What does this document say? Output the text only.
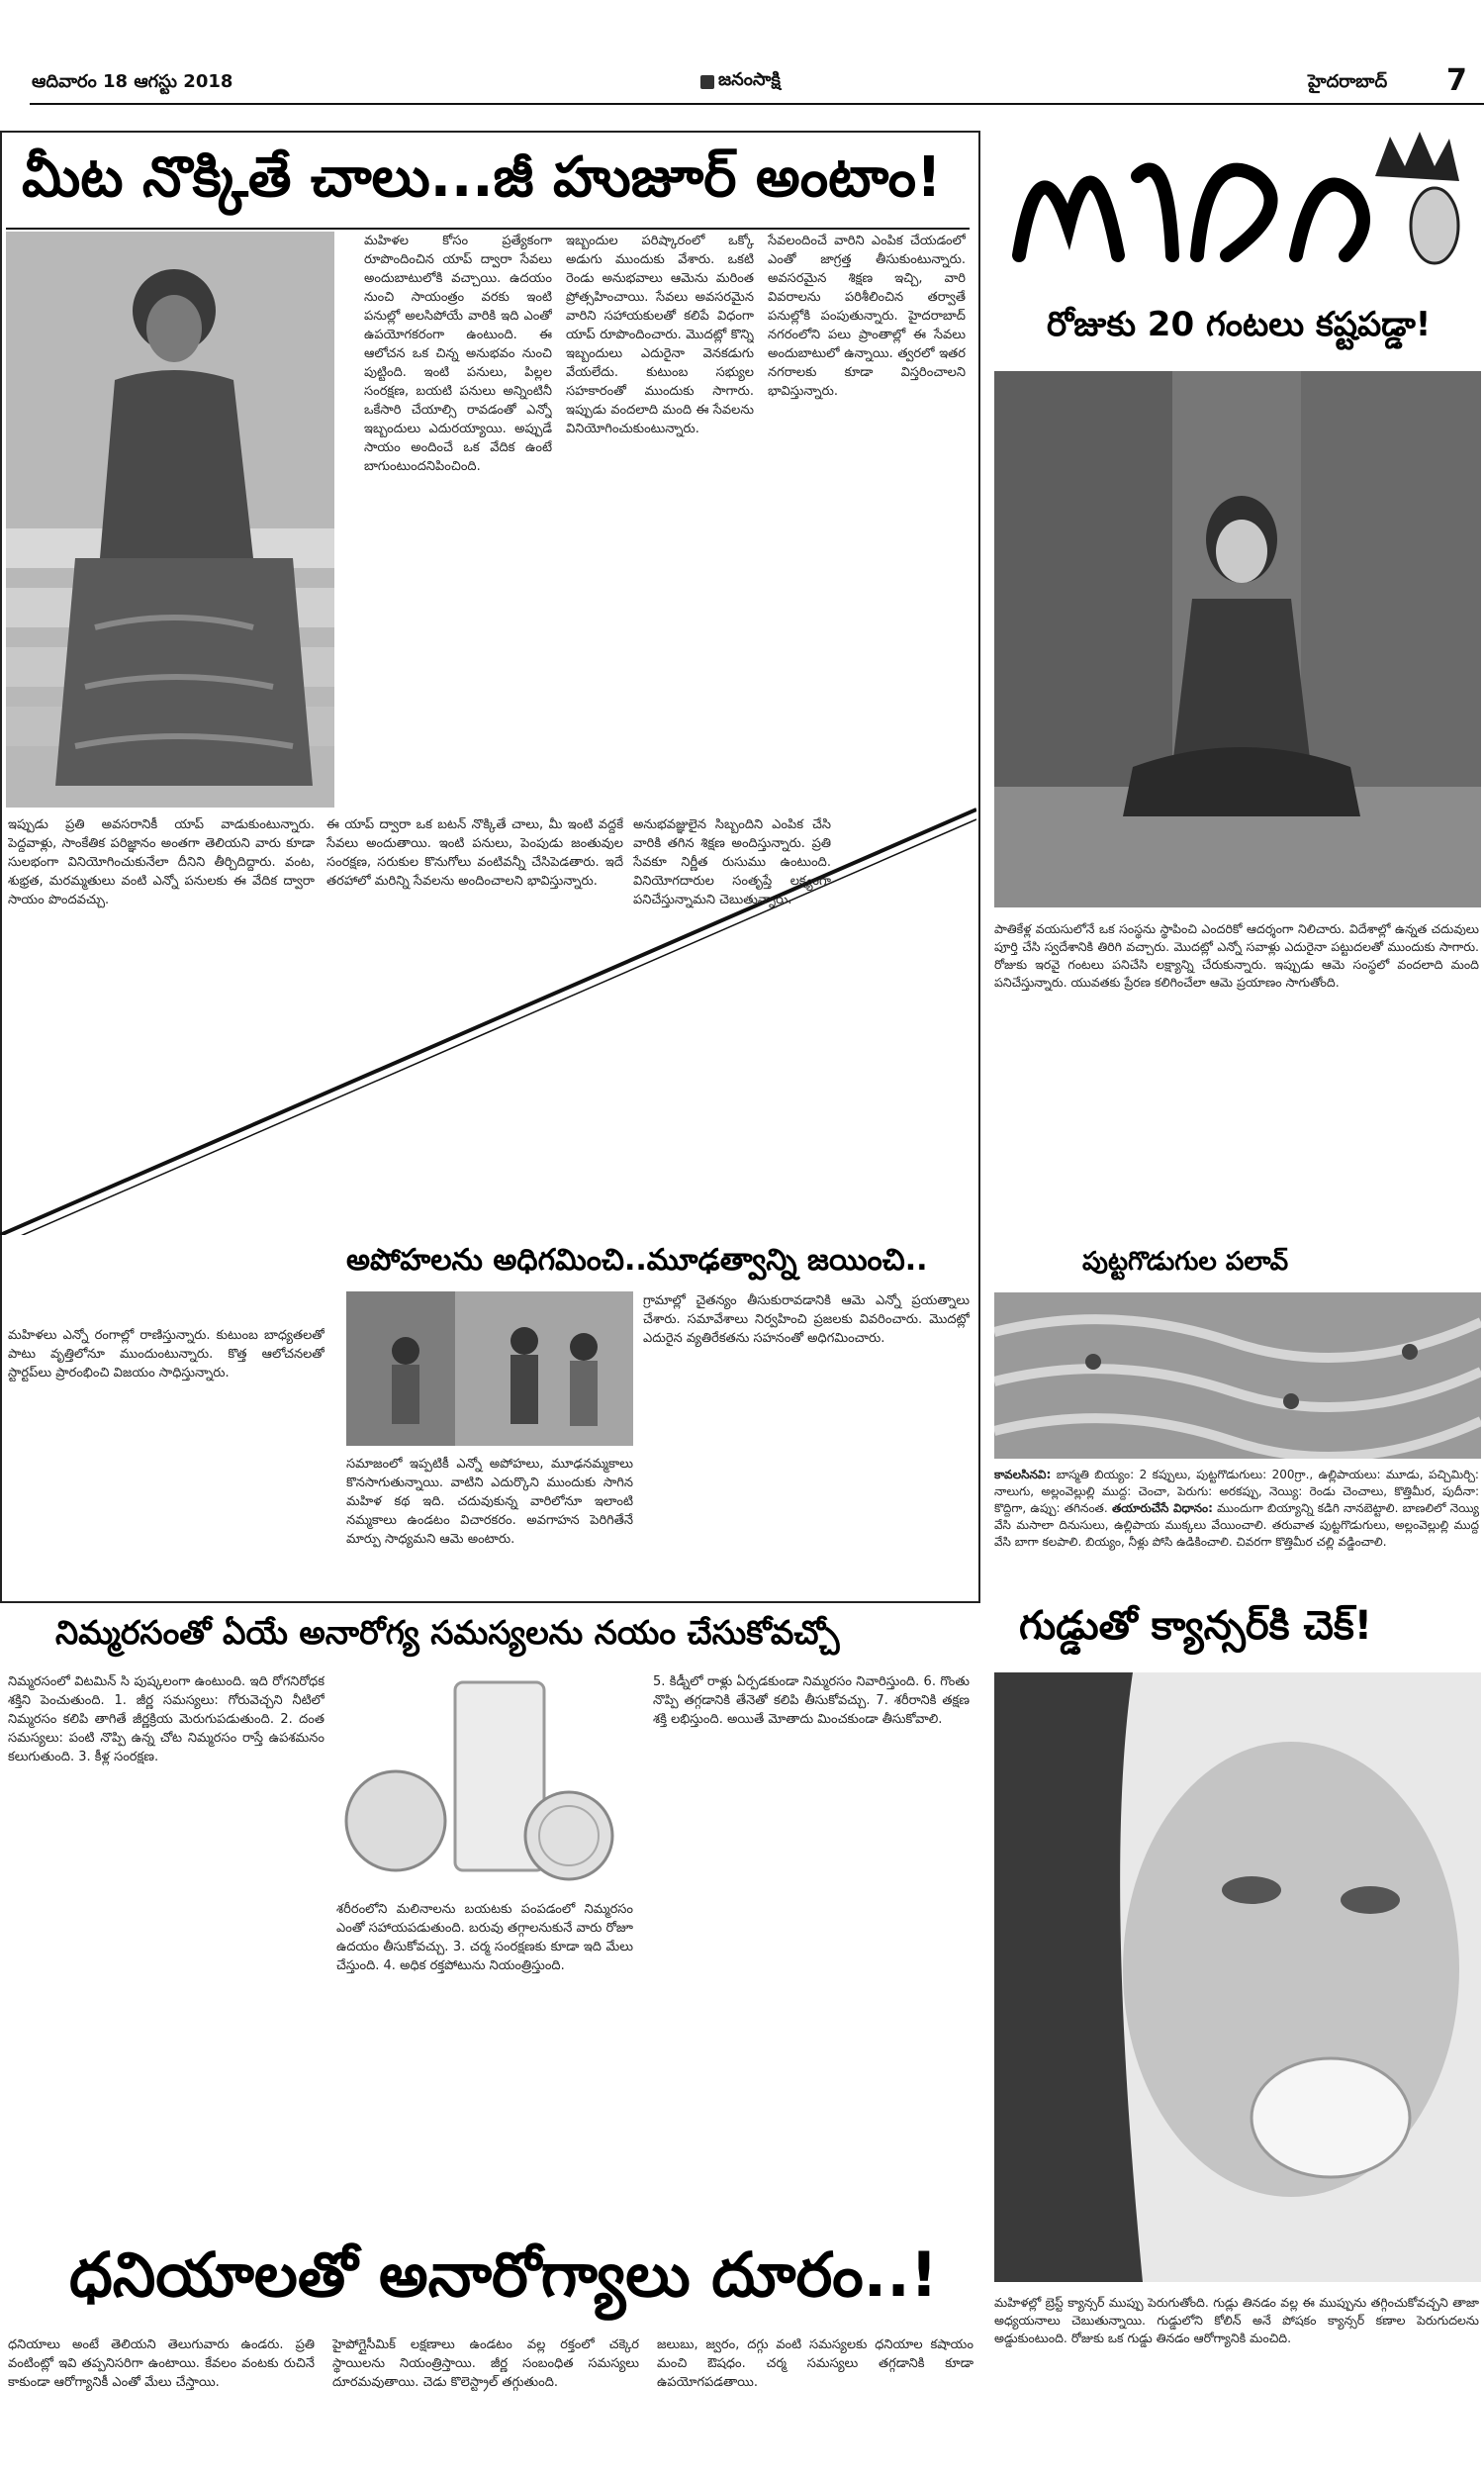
ఆదివారం 18 ఆగస్టు 2018	జనంసాక్షి	హైదరాబాద్ 7
మీట నొక్కితే చాలు...జీ హుజూర్ అంటాం!
మహిళల కోసం ప్రత్యేకంగా రూపొందించిన యాప్ ద్వారా సేవలు అందుబాటులోకి వచ్చాయి. ఉదయం నుంచి సాయంత్రం వరకు ఇంటి పనుల్లో అలసిపోయే వారికి ఇది ఎంతో ఉపయోగకరంగా ఉంటుంది. ఈ ఆలోచన ఒక చిన్న అనుభవం నుంచి పుట్టింది. ఇంటి పనులు, పిల్లల సంరక్షణ, బయటి పనులు అన్నింటినీ ఒకేసారి చేయాల్సి రావడంతో ఎన్నో ఇబ్బందులు ఎదురయ్యాయి. అప్పుడే సాయం అందించే ఒక వేదిక ఉంటే బాగుంటుందనిపించింది.
ఇబ్బందుల పరిష్కారంలో ఒక్కో అడుగు ముందుకు వేశారు. ఒకటి రెండు అనుభవాలు ఆమెను మరింత ప్రోత్సహించాయి. సేవలు అవసరమైన వారిని సహాయకులతో కలిపే విధంగా యాప్ రూపొందించారు. మొదట్లో కొన్ని ఇబ్బందులు ఎదురైనా వెనకడుగు వేయలేదు. కుటుంబ సభ్యుల సహకారంతో ముందుకు సాగారు. ఇప్పుడు వందలాది మంది ఈ సేవలను వినియోగించుకుంటున్నారు.
సేవలందించే వారిని ఎంపిక చేయడంలో ఎంతో జాగ్రత్త తీసుకుంటున్నారు. అవసరమైన శిక్షణ ఇచ్చి, వారి వివరాలను పరిశీలించిన తర్వాతే పనుల్లోకి పంపుతున్నారు. హైదరాబాద్ నగరంలోని పలు ప్రాంతాల్లో ఈ సేవలు అందుబాటులో ఉన్నాయి. త్వరలో ఇతర నగరాలకు కూడా విస్తరించాలని భావిస్తున్నారు.
ఇప్పుడు ప్రతి అవసరానికీ యాప్ వాడుకుంటున్నారు. పెద్దవాళ్లు, సాంకేతిక పరిజ్ఞానం అంతగా తెలియని వారు కూడా సులభంగా వినియోగించుకునేలా దీనిని తీర్చిదిద్దారు. వంట, శుభ్రత, మరమ్మతులు వంటి ఎన్నో పనులకు ఈ వేదిక ద్వారా సాయం పొందవచ్చు.
ఈ యాప్ ద్వారా ఒక బటన్ నొక్కితే చాలు, మీ ఇంటి వద్దకే సేవలు అందుతాయి. ఇంటి పనులు, పెంపుడు జంతువుల సంరక్షణ, సరుకుల కొనుగోలు వంటివన్నీ చేసిపెడతారు. ఇదే తరహాలో మరిన్ని సేవలను అందించాలని భావిస్తున్నారు.
అనుభవజ్ఞులైన సిబ్బందిని ఎంపిక చేసి వారికి తగిన శిక్షణ అందిస్తున్నారు. ప్రతి సేవకూ నిర్ణీత రుసుము ఉంటుంది. వినియోగదారుల సంతృప్తే లక్ష్యంగా పనిచేస్తున్నామని చెబుతున్నారు.
మహిళలు ఎన్నో రంగాల్లో రాణిస్తున్నారు. కుటుంబ బాధ్యతలతో పాటు వృత్తిలోనూ ముందుంటున్నారు. కొత్త ఆలోచనలతో స్టార్టప్‌లు ప్రారంభించి విజయం సాధిస్తున్నారు.
అపోహలను అధిగమించి..మూఢత్వాన్ని జయించి..
సమాజంలో ఇప్పటికీ ఎన్నో అపోహలు, మూఢనమ్మకాలు కొనసాగుతున్నాయి. వాటిని ఎదుర్కొని ముందుకు సాగిన మహిళ కథ ఇది. చదువుకున్న వారిలోనూ ఇలాంటి నమ్మకాలు ఉండటం విచారకరం. అవగాహన పెరిగితేనే మార్పు సాధ్యమని ఆమె అంటారు.
గ్రామాల్లో చైతన్యం తీసుకురావడానికి ఆమె ఎన్నో ప్రయత్నాలు చేశారు. సమావేశాలు నిర్వహించి ప్రజలకు వివరించారు. మొదట్లో ఎదురైన వ్యతిరేకతను సహనంతో అధిగమించారు.
రోజుకు 20 గంటలు కష్టపడ్డా!
పాతికేళ్ల వయసులోనే ఒక సంస్థను స్థాపించి ఎందరికో ఆదర్శంగా నిలిచారు. విదేశాల్లో ఉన్నత చదువులు పూర్తి చేసి స్వదేశానికి తిరిగి వచ్చారు. మొదట్లో ఎన్నో సవాళ్లు ఎదురైనా పట్టుదలతో ముందుకు సాగారు. రోజుకు ఇరవై గంటలు పనిచేసి లక్ష్యాన్ని చేరుకున్నారు. ఇప్పుడు ఆమె సంస్థలో వందలాది మంది పనిచేస్తున్నారు. యువతకు ప్రేరణ కలిగించేలా ఆమె ప్రయాణం సాగుతోంది.
పుట్టగొడుగుల పలావ్
కావలసినవి: బాస్మతి బియ్యం: 2 కప్పులు, పుట్టగొడుగులు: 200గ్రా., ఉల్లిపాయలు: మూడు, పచ్చిమిర్చి: నాలుగు, అల్లంవెల్లుల్లి ముద్ద: చెంచా, పెరుగు: అరకప్పు, నెయ్యి: రెండు చెంచాలు, కొత్తిమీర, పుదీనా: కొద్దిగా, ఉప్పు: తగినంత. తయారుచేసే విధానం: ముందుగా బియ్యాన్ని కడిగి నానబెట్టాలి. బాణలిలో నెయ్యి వేసి మసాలా దినుసులు, ఉల్లిపాయ ముక్కలు వేయించాలి. తరువాత పుట్టగొడుగులు, అల్లంవెల్లుల్లి ముద్ద వేసి బాగా కలపాలి. బియ్యం, నీళ్లు పోసి ఉడికించాలి. చివరగా కొత్తిమీర చల్లి వడ్డించాలి.
గుడ్డుతో క్యాన్సర్‌కి చెక్!
మహిళల్లో బ్రెస్ట్ క్యాన్సర్ ముప్పు పెరుగుతోంది. గుడ్లు తినడం వల్ల ఈ ముప్పును తగ్గించుకోవచ్చని తాజా అధ్యయనాలు చెబుతున్నాయి. గుడ్డులోని కోలిన్ అనే పోషకం క్యాన్సర్ కణాల పెరుగుదలను అడ్డుకుంటుంది. రోజుకు ఒక గుడ్డు తినడం ఆరోగ్యానికి మంచిది.
నిమ్మరసంతో ఏయే అనారోగ్య సమస్యలను నయం చేసుకోవచ్చో
నిమ్మరసంలో విటమిన్ సి పుష్కలంగా ఉంటుంది. ఇది రోగనిరోధక శక్తిని పెంచుతుంది. 1. జీర్ణ సమస్యలు: గోరువెచ్చని నీటిలో నిమ్మరసం కలిపి తాగితే జీర్ణక్రియ మెరుగుపడుతుంది. 2. దంత సమస్యలు: పంటి నొప్పి ఉన్న చోట నిమ్మరసం రాస్తే ఉపశమనం కలుగుతుంది. 3. కీళ్ల సంరక్షణ.
శరీరంలోని మలినాలను బయటకు పంపడంలో నిమ్మరసం ఎంతో సహాయపడుతుంది. బరువు తగ్గాలనుకునే వారు రోజూ ఉదయం తీసుకోవచ్చు. 3. చర్మ సంరక్షణకు కూడా ఇది మేలు చేస్తుంది. 4. అధిక రక్తపోటును నియంత్రిస్తుంది.
5. కిడ్నీలో రాళ్లు ఏర్పడకుండా నిమ్మరసం నివారిస్తుంది. 6. గొంతు నొప్పి తగ్గడానికి తేనెతో కలిపి తీసుకోవచ్చు. 7. శరీరానికి తక్షణ శక్తి లభిస్తుంది. అయితే మోతాదు మించకుండా తీసుకోవాలి.
ధనియాలతో అనారోగ్యాలు దూరం..!
ధనియాలు అంటే తెలియని తెలుగువారు ఉండరు. ప్రతి వంటింట్లో ఇవి తప్పనిసరిగా ఉంటాయి. కేవలం వంటకు రుచినే కాకుండా ఆరోగ్యానికీ ఎంతో మేలు చేస్తాయి.
హైపోగ్లైసీమిక్ లక్షణాలు ఉండటం వల్ల రక్తంలో చక్కెర స్థాయిలను నియంత్రిస్తాయి. జీర్ణ సంబంధిత సమస్యలు దూరమవుతాయి. చెడు కొలెస్ట్రాల్ తగ్గుతుంది.
జలుబు, జ్వరం, దగ్గు వంటి సమస్యలకు ధనియాల కషాయం మంచి ఔషధం. చర్మ సమస్యలు తగ్గడానికి కూడా ఉపయోగపడతాయి.
